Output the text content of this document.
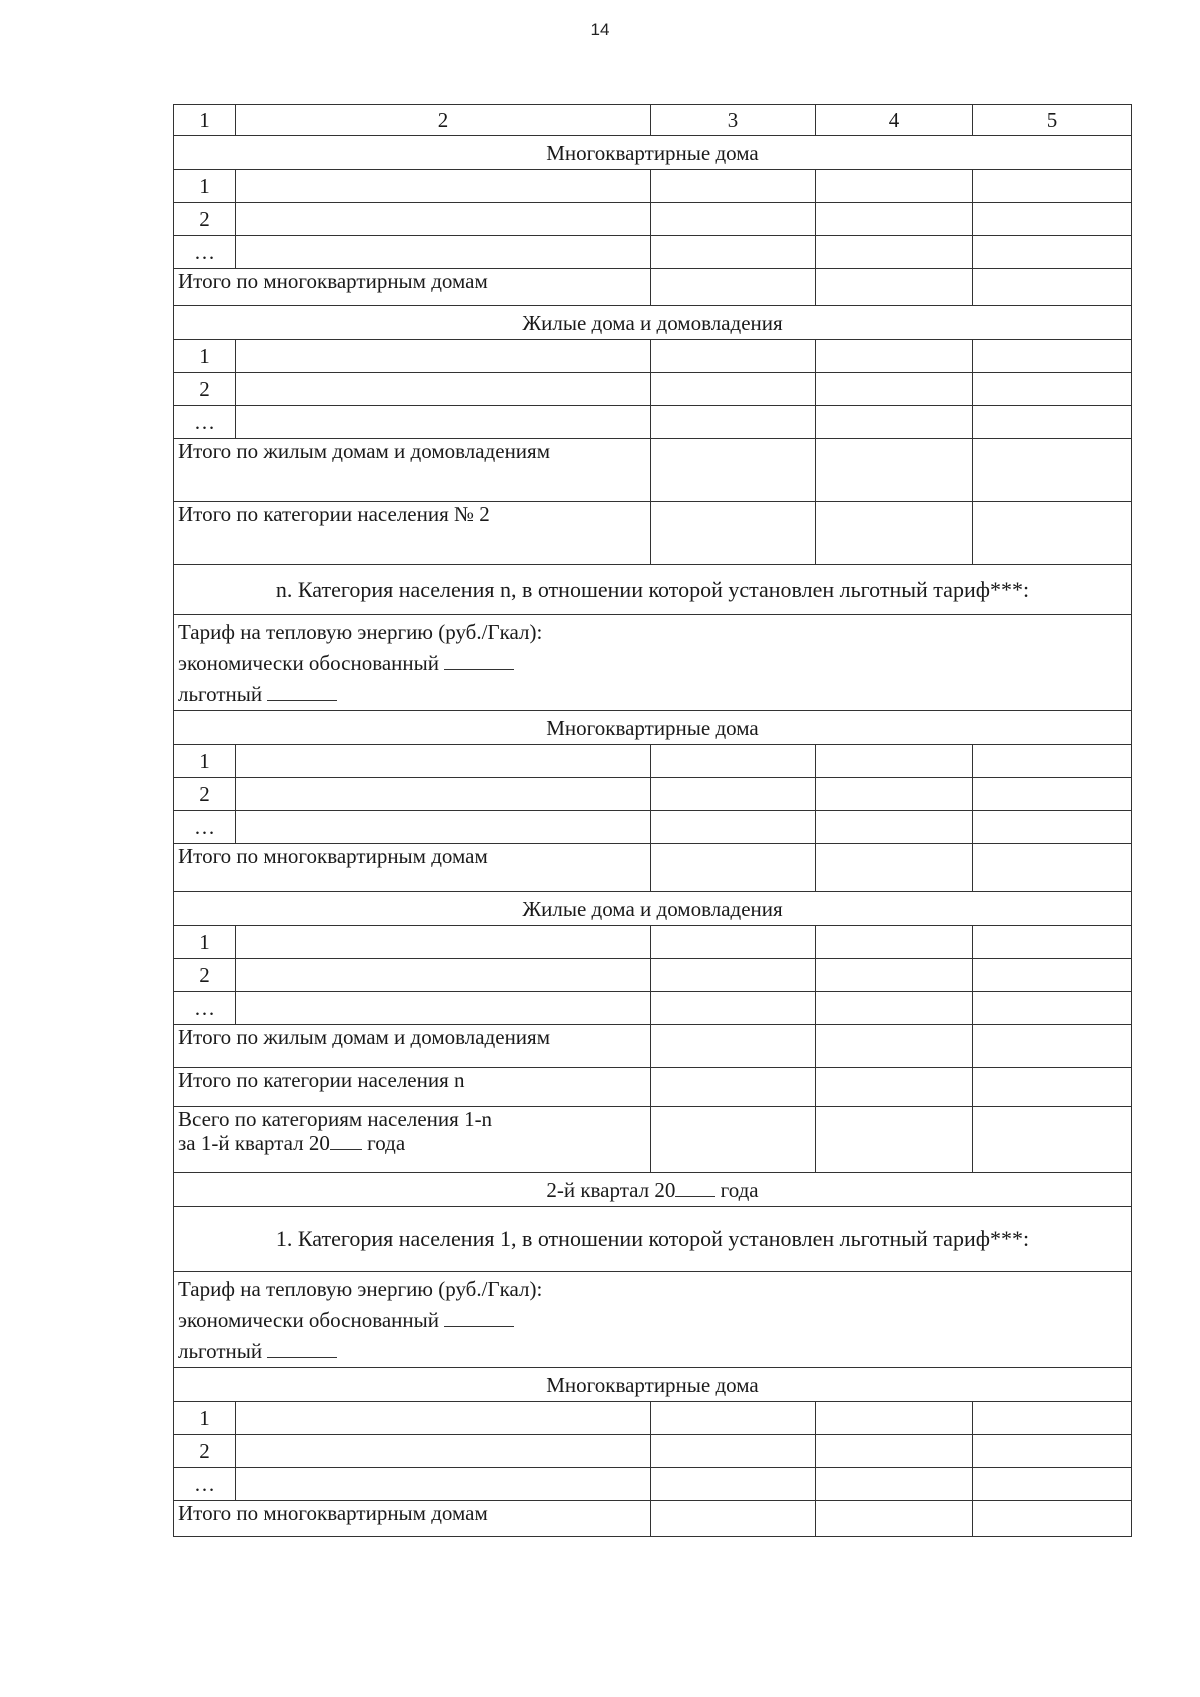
14
1	2	3	4	5
Многоквартирные дома				
1				
2				
…				
Итого по многоквартирным домам				
Жилые дома и домовладения				
1				
2				
…				
Итого по жилым домам и домовладениям				
Итого по категории населения № 2				
n. Категория населения n, в отношении которой установлен льготный тариф***:				

Тариф на тепловую энергию (руб./Гкал):
экономически обоснованный
льготный				

Многоквартирные дома				
1				
2				
…				
Итого по многоквартирным домам				
Жилые дома и домовладения				
1				
2				
…				
Итого по жилым домам и домовладениям				
Итого по категории населения n				

Всего по категориям населения 1-n
за 1-й квартал 20 года				

2-й квартал 20 года				
1. Категория населения 1, в отношении которой установлен льготный тариф***:				

Тариф на тепловую энергию (руб./Гкал):
экономически обоснованный
льготный				

Многоквартирные дома				
1				
2				
…				
Итого по многоквартирным домам				
